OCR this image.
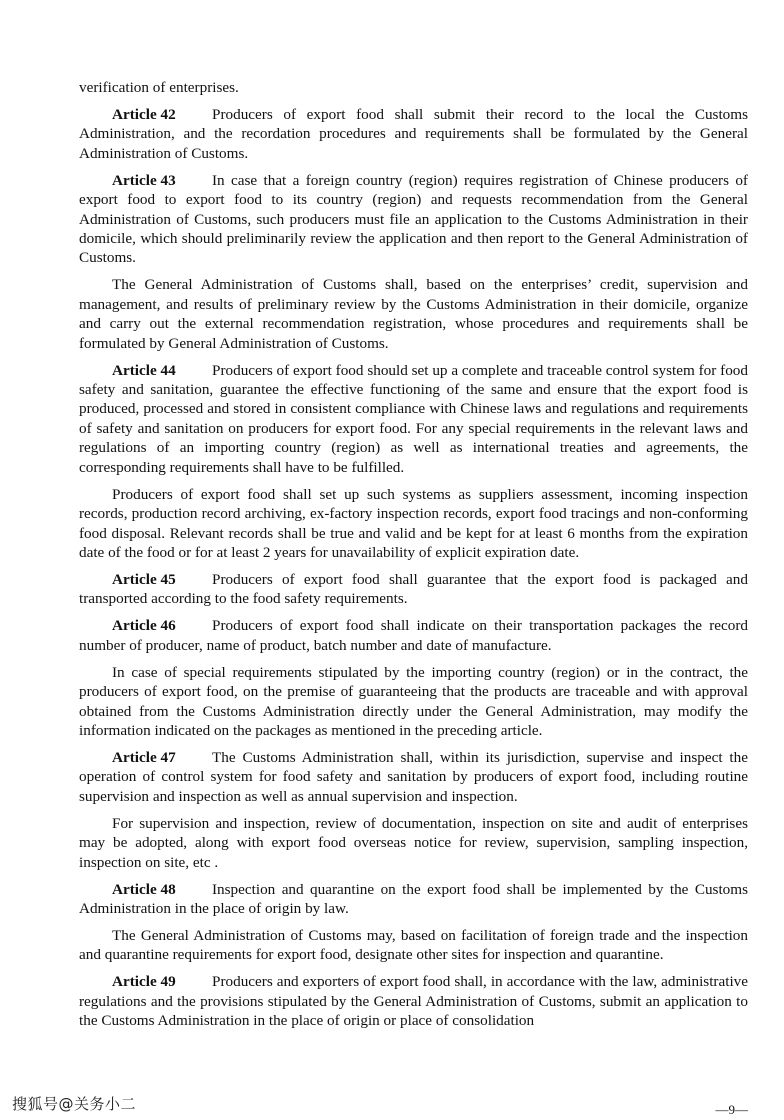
verification of enterprises.

Article 42 Producers of export food shall submit their record to the local the Customs Administration, and the recordation procedures and requirements shall be formulated by the General Administration of Customs.

Article 43 In case that a foreign country (region) requires registration of Chinese producers of export food to export food to its country (region) and requests recommendation from the General Administration of Customs, such producers must file an application to the Customs Administration in their domicile, which should preliminarily review the application and then report to the General Administration of Customs.

The General Administration of Customs shall, based on the enterprises’ credit, supervision and management, and results of preliminary review by the Customs Administration in their domicile, organize and carry out the external recommendation registration, whose procedures and requirements shall be formulated by General Administration of Customs.

Article 44 Producers of export food should set up a complete and traceable control system for food safety and sanitation, guarantee the effective functioning of the same and ensure that the export food is produced, processed and stored in consistent compliance with Chinese laws and regulations and requirements of safety and sanitation on producers for export food. For any special requirements in the relevant laws and regulations of an importing country (region) as well as international treaties and agreements, the corresponding requirements shall have to be fulfilled.

Producers of export food shall set up such systems as suppliers assessment, incoming inspection records, production record archiving, ex-factory inspection records, export food tracings and non-conforming food disposal. Relevant records shall be true and valid and be kept for at least 6 months from the expiration date of the food or for at least 2 years for unavailability of explicit expiration date.

Article 45 Producers of export food shall guarantee that the export food is packaged and transported according to the food safety requirements.

Article 46 Producers of export food shall indicate on their transportation packages the record number of producer, name of product, batch number and date of manufacture.

In case of special requirements stipulated by the importing country (region) or in the contract, the producers of export food, on the premise of guaranteeing that the products are traceable and with approval obtained from the Customs Administration directly under the General Administration, may modify the information indicated on the packages as mentioned in the preceding article.

Article 47 The Customs Administration shall, within its jurisdiction, supervise and inspect the operation of control system for food safety and sanitation by producers of export food, including routine supervision and inspection as well as annual supervision and inspection.

For supervision and inspection, review of documentation, inspection on site and audit of enterprises may be adopted, along with export food overseas notice for review, supervision, sampling inspection, inspection on site, etc .

Article 48 Inspection and quarantine on the export food shall be implemented by the Customs Administration in the place of origin by law.

The General Administration of Customs may, based on facilitation of foreign trade and the inspection and quarantine requirements for export food, designate other sites for inspection and quarantine.

Article 49 Producers and exporters of export food shall, in accordance with the law, administrative regulations and the provisions stipulated by the General Administration of Customs, submit an application to the Customs Administration in the place of origin or place of consolidation

搜狐号@关务小二	—9—
